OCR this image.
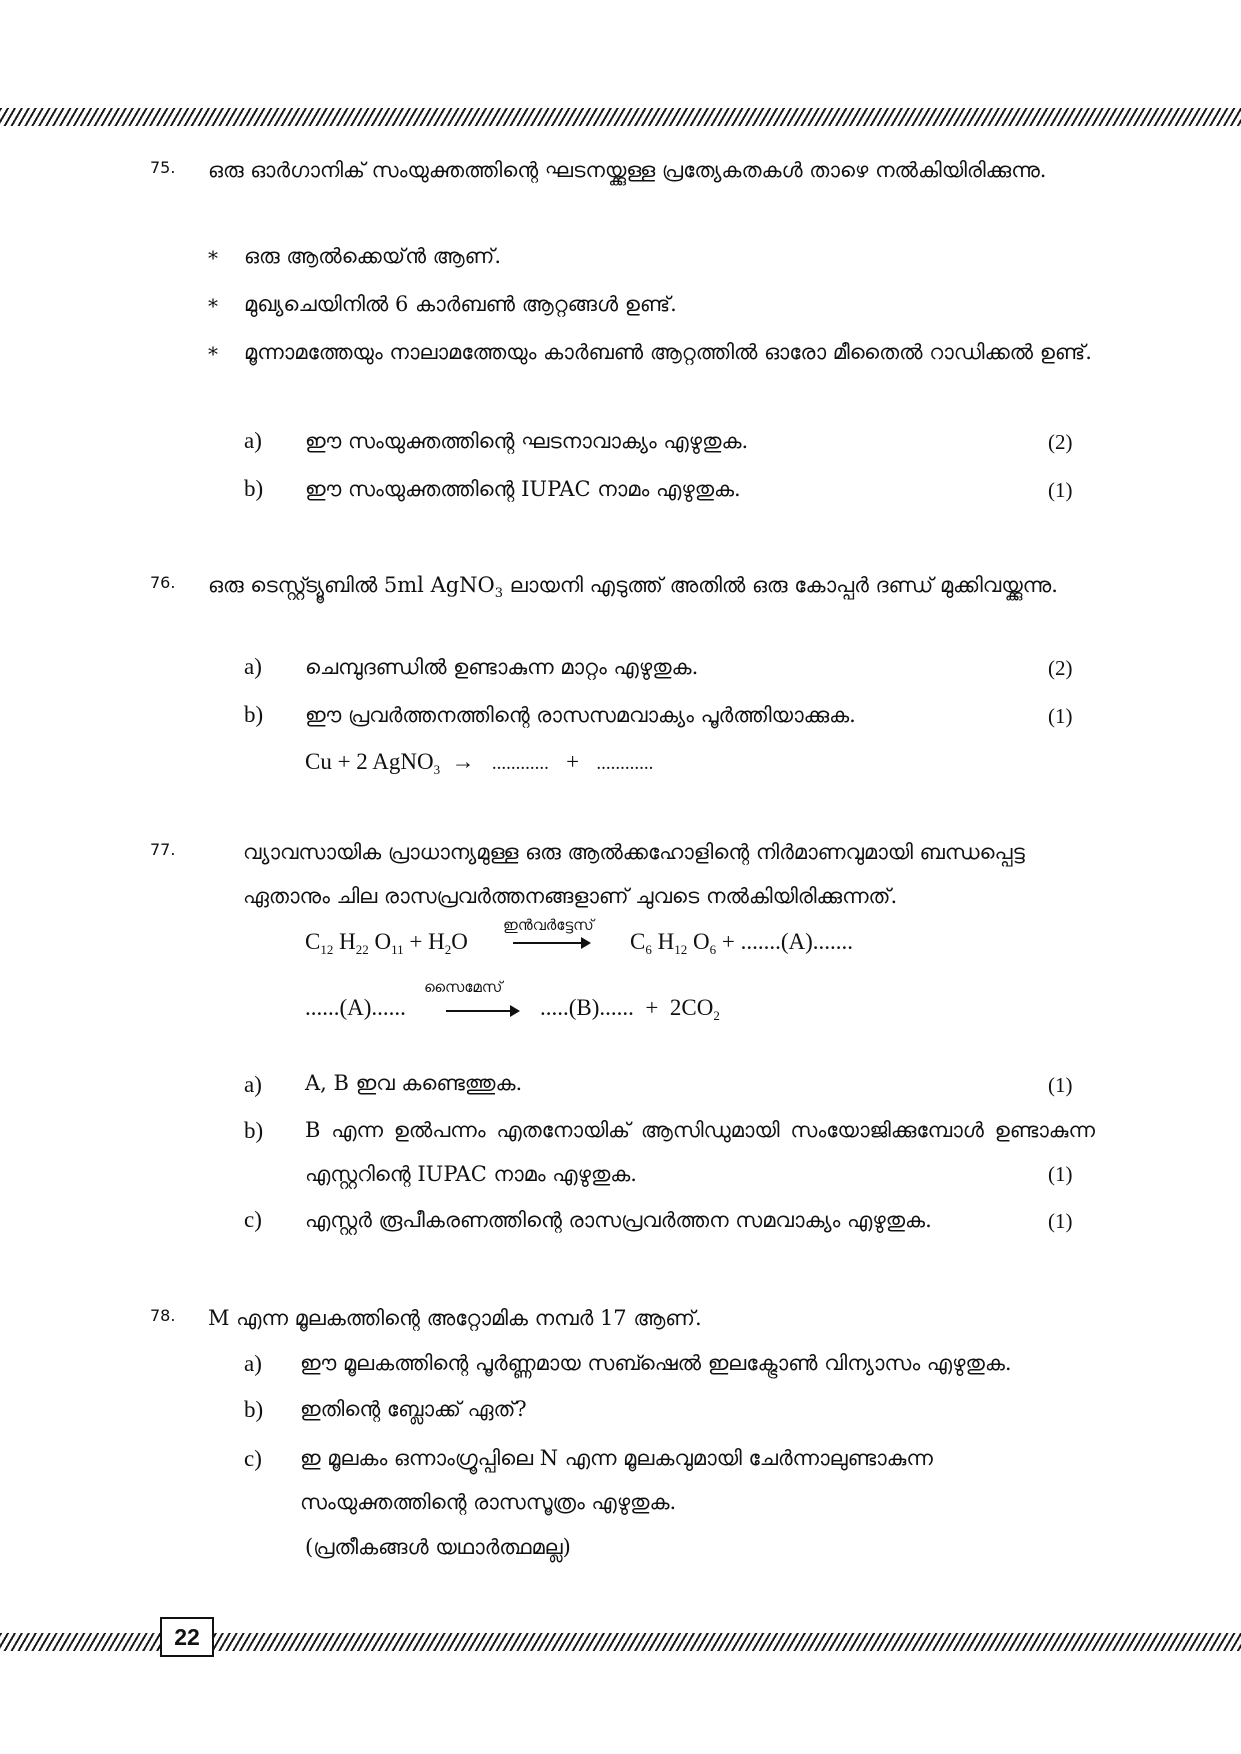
75. ഒരു ഓർഗാനിക് സംയുക്തത്തിന്റെ ഘടനയ്ക്കുള്ള പ്രത്യേകതകൾ താഴെ നൽകിയിരിക്കുന്നു.
* ഒരു ആൽക്കെയ്ൻ ആണ്.
* മുഖ്യചെയിനിൽ 6 കാർബൺ ആറ്റങ്ങൾ ഉണ്ട്.
* മൂന്നാമത്തേയും നാലാമത്തേയും കാർബൺ ആറ്റത്തിൽ ഓരോ മീതൈൽ റാഡിക്കൽ ഉണ്ട്.
a) ഈ സംയുക്തത്തിന്റെ ഘടനാവാക്യം എഴുതുക.	(2)
b) ഈ സംയുക്തത്തിന്റെ IUPAC നാമം എഴുതുക.	(1)
76. ഒരു ടെസ്റ്റ്ട്യൂബിൽ 5ml AgNO$_3$ ലായനി എടുത്ത് അതിൽ ഒരു കോപ്പർ ദണ്ഡ് മുക്കിവയ്ക്കുന്നു.
a) ചെമ്പുദണ്ഡിൽ ഉണ്ടാകുന്ന മാറ്റം എഴുതുക.	(2)
b) ഈ പ്രവർത്തനത്തിന്റെ രാസസമവാക്യം പൂർത്തിയാക്കുക.	(1)
Cu + 2 AgNO$_3$ → ............ + ............
77.	വ്യാവസായിക പ്രാധാന്യമുള്ള ഒരു ആൽക്കഹോളിന്റെ നിർമാണവുമായി ബന്ധപ്പെട്ട ഏതാനും ചില രാസപ്രവർത്തനങ്ങളാണ് ചുവടെ നൽകിയിരിക്കുന്നത്.
$C_{12}$ $H_{22}$ $O_{11} + H_2O$
ഇൻവർട്ടേസ്
$C_6$ $H_{12}$ $O_6 + .......(A)$.......
......(A)......
സൈമേസ്
.....(B)......  +  $2CO_2$
a) A, B ഇവ കണ്ടെത്തുക.	(1)
b) B എന്ന ഉൽപന്നം എതനോയിക് ആസിഡുമായി സംയോജിക്കുമ്പോൾ ഉണ്ടാകുന്ന എസ്റ്ററിന്റെ IUPAC നാമം എഴുതുക.	(1)
c) എസ്റ്റർ രൂപീകരണത്തിന്റെ രാസപ്രവർത്തന സമവാക്യം എഴുതുക.	(1)
78. M എന്ന മൂലകത്തിന്റെ അറ്റോമിക നമ്പർ 17 ആണ്.
a) ഈ മൂലകത്തിന്റെ പൂർണ്ണമായ സബ്ഷെൽ ഇലക്ട്രോൺ വിന്യാസം എഴുതുക.
b) ഇതിന്റെ ബ്ലോക്ക് ഏത്?
c) ഇ മൂലകം ഒന്നാംഗ്രൂപ്പിലെ N എന്ന മൂലകവുമായി ചേർന്നാലുണ്ടാകുന്ന സംയുക്തത്തിന്റെ രാസസൂത്രം എഴുതുക.
(പ്രതീകങ്ങൾ യഥാർത്ഥമല്ല)
22
